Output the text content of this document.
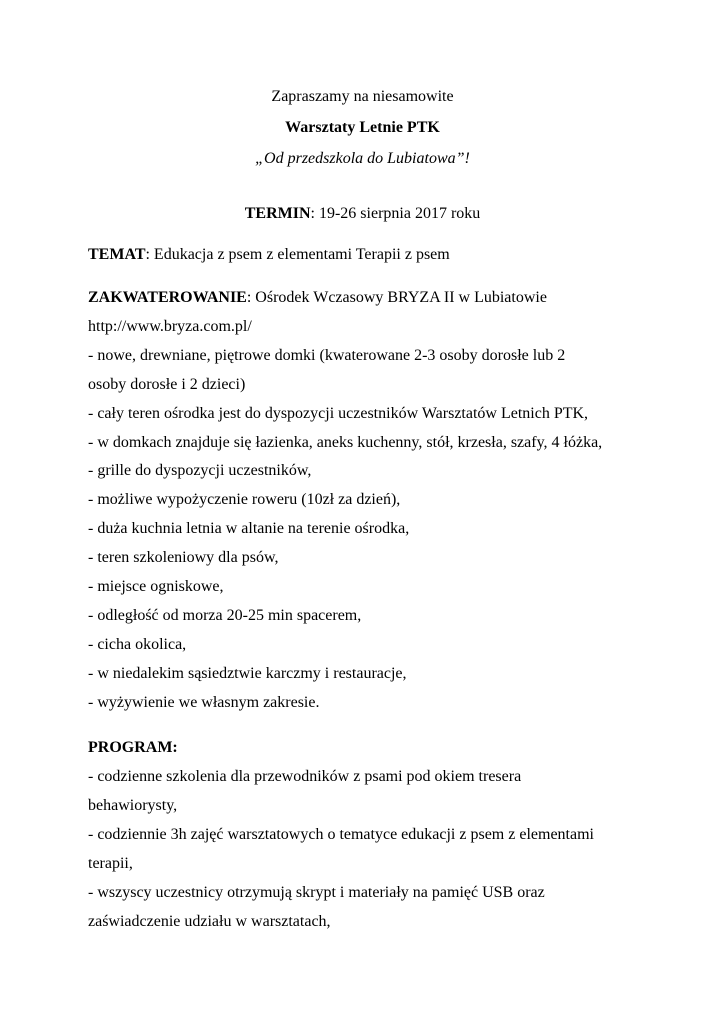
Zapraszamy na niesamowite
Warsztaty Letnie PTK
„Od przedszkola do Lubiatowa”!
TERMIN: 19-26 sierpnia 2017 roku
TEMAT: Edukacja z psem z elementami Terapii z psem
ZAKWATEROWANIE: Ośrodek Wczasowy BRYZA II w Lubiatowie
http://www.bryza.com.pl/
- nowe, drewniane, piętrowe domki (kwaterowane 2-3 osoby dorosłe lub 2
osoby dorosłe i 2 dzieci)
- cały teren ośrodka jest do dyspozycji uczestników Warsztatów Letnich PTK,
- w domkach znajduje się łazienka, aneks kuchenny, stół, krzesła, szafy, 4 łóżka,
- grille do dyspozycji uczestników,
- możliwe wypożyczenie roweru (10zł za dzień),
- duża kuchnia letnia w altanie na terenie ośrodka,
- teren szkoleniowy dla psów,
- miejsce ogniskowe,
- odległość od morza 20-25 min spacerem,
- cicha okolica,
- w niedalekim sąsiedztwie karczmy i restauracje,
- wyżywienie we własnym zakresie.
PROGRAM:
- codzienne szkolenia dla przewodników z psami pod okiem tresera
behawiorysty,
- codziennie 3h zajęć warsztatowych o tematyce edukacji z psem z elementami
terapii,
- wszyscy uczestnicy otrzymują skrypt i materiały na pamięć USB oraz
zaświadczenie udziału w warsztatach,
